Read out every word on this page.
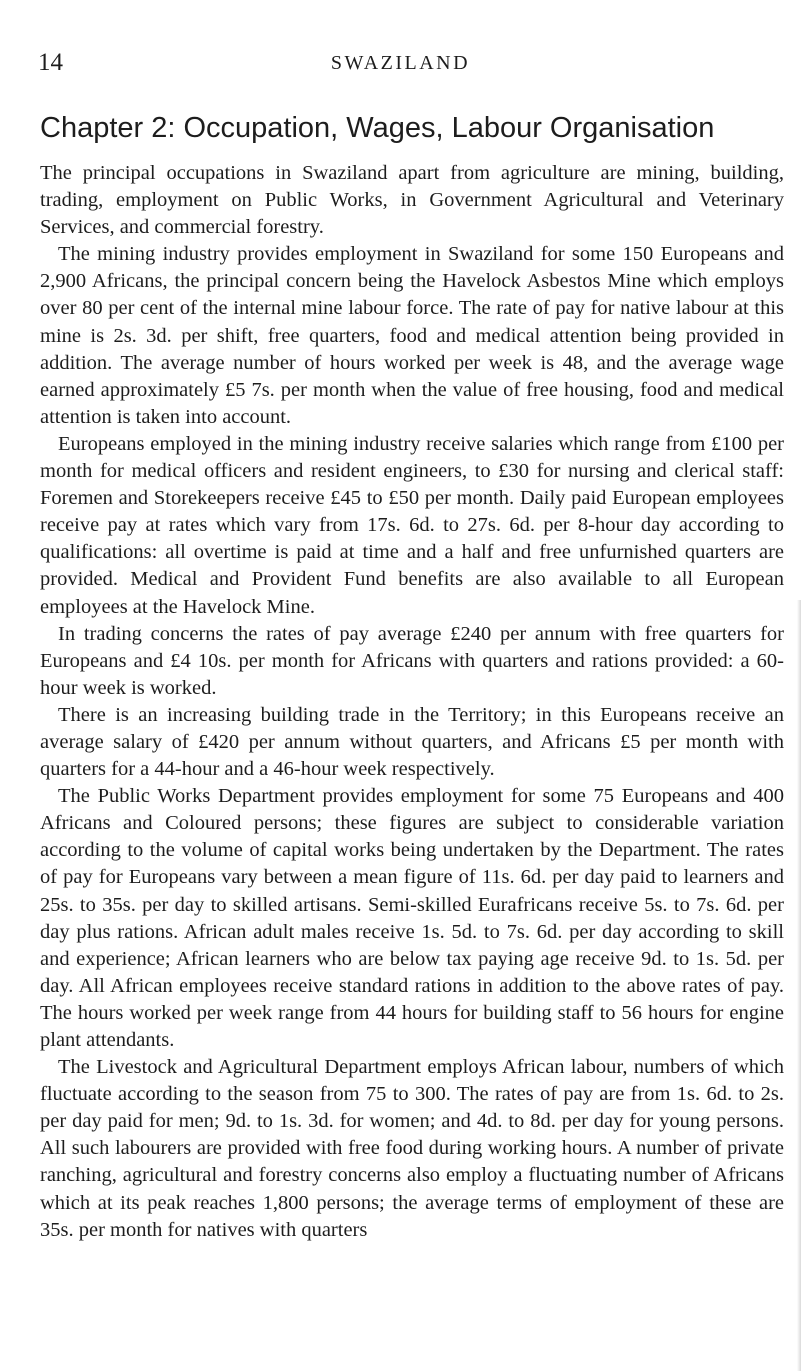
14	SWAZILAND
Chapter 2: Occupation, Wages, Labour Organisation

The principal occupations in Swaziland apart from agriculture are mining, building, trading, employment on Public Works, in Government Agricultural and Veterinary Services, and commercial forestry.

The mining industry provides employment in Swaziland for some 150 Europeans and 2,900 Africans, the principal concern being the Havelock Asbestos Mine which employs over 80 per cent of the internal mine labour force. The rate of pay for native labour at this mine is 2s. 3d. per shift, free quarters, food and medical attention being provided in addition. The average number of hours worked per week is 48, and the average wage earned approximately £5 7s. per month when the value of free housing, food and medical attention is taken into account.

Europeans employed in the mining industry receive salaries which range from £100 per month for medical officers and resident engineers, to £30 for nursing and clerical staff: Foremen and Storekeepers receive £45 to £50 per month. Daily paid European employees receive pay at rates which vary from 17s. 6d. to 27s. 6d. per 8-hour day according to qualifications: all overtime is paid at time and a half and free unfurnished quarters are provided. Medical and Provident Fund benefits are also available to all European employees at the Havelock Mine.

In trading concerns the rates of pay average £240 per annum with free quarters for Europeans and £4 10s. per month for Africans with quarters and rations provided: a 60-hour week is worked.

There is an increasing building trade in the Territory; in this Europeans receive an average salary of £420 per annum without quarters, and Africans £5 per month with quarters for a 44-hour and a 46-hour week respectively.

The Public Works Department provides employment for some 75 Europeans and 400 Africans and Coloured persons; these figures are subject to considerable variation according to the volume of capital works being undertaken by the Department. The rates of pay for Europeans vary between a mean figure of 11s. 6d. per day paid to learners and 25s. to 35s. per day to skilled artisans. Semi-skilled Eurafricans receive 5s. to 7s. 6d. per day plus rations. African adult males receive 1s. 5d. to 7s. 6d. per day according to skill and experience; African learners who are below tax paying age receive 9d. to 1s. 5d. per day. All African employees receive standard rations in addition to the above rates of pay. The hours worked per week range from 44 hours for building staff to 56 hours for engine plant attendants.

The Livestock and Agricultural Department employs African labour, numbers of which fluctuate according to the season from 75 to 300. The rates of pay are from 1s. 6d. to 2s. per day paid for men; 9d. to 1s. 3d. for women; and 4d. to 8d. per day for young persons. All such labourers are provided with free food during working hours. A number of private ranching, agricultural and forestry concerns also employ a fluctuating number of Africans which at its peak reaches 1,800 persons; the average terms of employment of these are 35s. per month for natives with quarters
